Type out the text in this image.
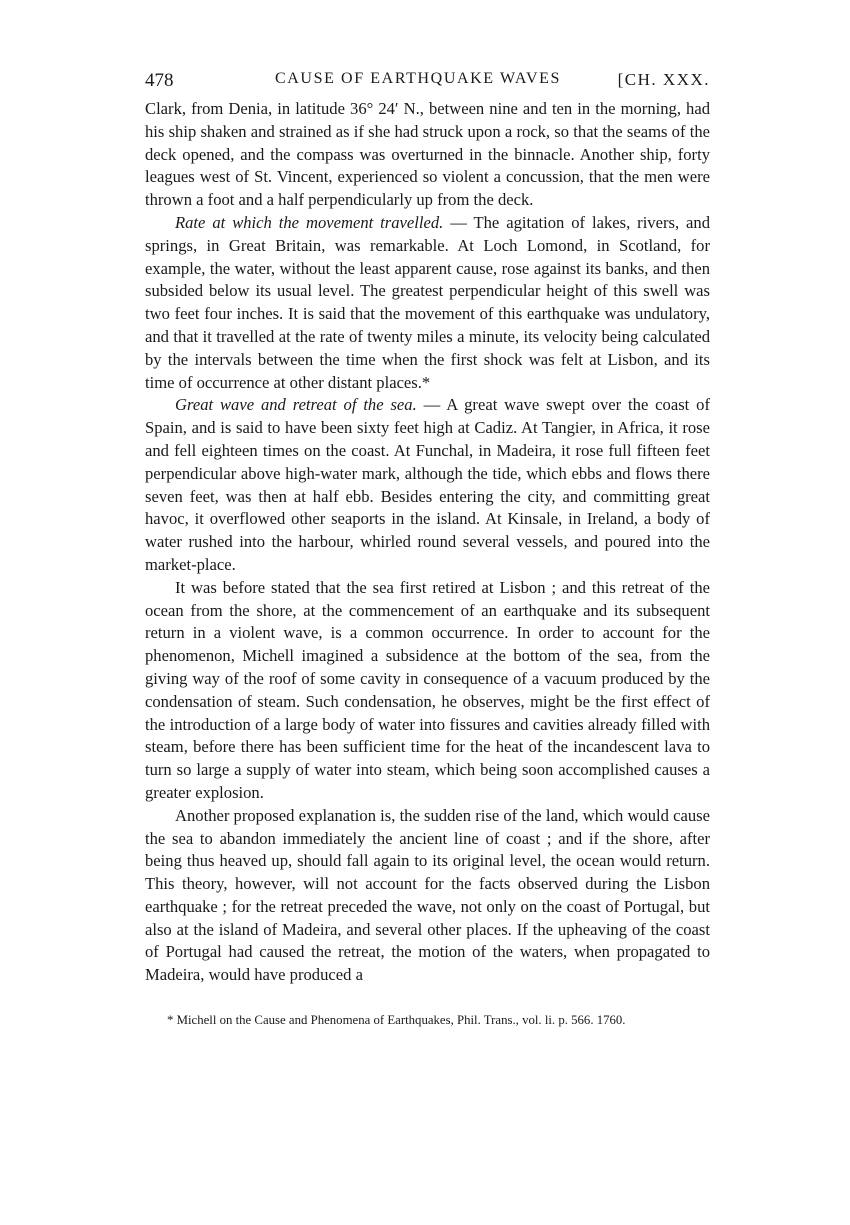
478	CAUSE OF EARTHQUAKE WAVES	[CH. XXX.

Clark, from Denia, in latitude 36° 24′ N., between nine and ten in the morning, had his ship shaken and strained as if she had struck upon a rock, so that the seams of the deck opened, and the compass was overturned in the binnacle. Another ship, forty leagues west of St. Vincent, experienced so violent a concussion, that the men were thrown a foot and a half perpendicularly up from the deck.

Rate at which the movement travelled. — The agitation of lakes, rivers, and springs, in Great Britain, was remarkable. At Loch Lomond, in Scotland, for example, the water, without the least apparent cause, rose against its banks, and then subsided below its usual level. The greatest perpendicular height of this swell was two feet four inches. It is said that the movement of this earthquake was undulatory, and that it travelled at the rate of twenty miles a minute, its velocity being calculated by the intervals between the time when the first shock was felt at Lisbon, and its time of occurrence at other distant places.*

Great wave and retreat of the sea. — A great wave swept over the coast of Spain, and is said to have been sixty feet high at Cadiz. At Tangier, in Africa, it rose and fell eighteen times on the coast. At Funchal, in Madeira, it rose full fifteen feet perpendicular above high-water mark, although the tide, which ebbs and flows there seven feet, was then at half ebb. Besides entering the city, and committing great havoc, it overflowed other seaports in the island. At Kinsale, in Ireland, a body of water rushed into the harbour, whirled round several vessels, and poured into the market-place.

It was before stated that the sea first retired at Lisbon ; and this retreat of the ocean from the shore, at the commencement of an earthquake and its subsequent return in a violent wave, is a common occurrence. In order to account for the phenomenon, Michell imagined a subsidence at the bottom of the sea, from the giving way of the roof of some cavity in consequence of a vacuum produced by the condensation of steam. Such condensation, he observes, might be the first effect of the introduction of a large body of water into fissures and cavities already filled with steam, before there has been sufficient time for the heat of the incandescent lava to turn so large a supply of water into steam, which being soon accomplished causes a greater explosion.

Another proposed explanation is, the sudden rise of the land, which would cause the sea to abandon immediately the ancient line of coast ; and if the shore, after being thus heaved up, should fall again to its original level, the ocean would return. This theory, however, will not account for the facts observed during the Lisbon earthquake ; for the retreat preceded the wave, not only on the coast of Portugal, but also at the island of Madeira, and several other places. If the upheaving of the coast of Portugal had caused the retreat, the motion of the waters, when propagated to Madeira, would have produced a

* Michell on the Cause and Phenomena of Earthquakes, Phil. Trans., vol. li. p. 566. 1760.
